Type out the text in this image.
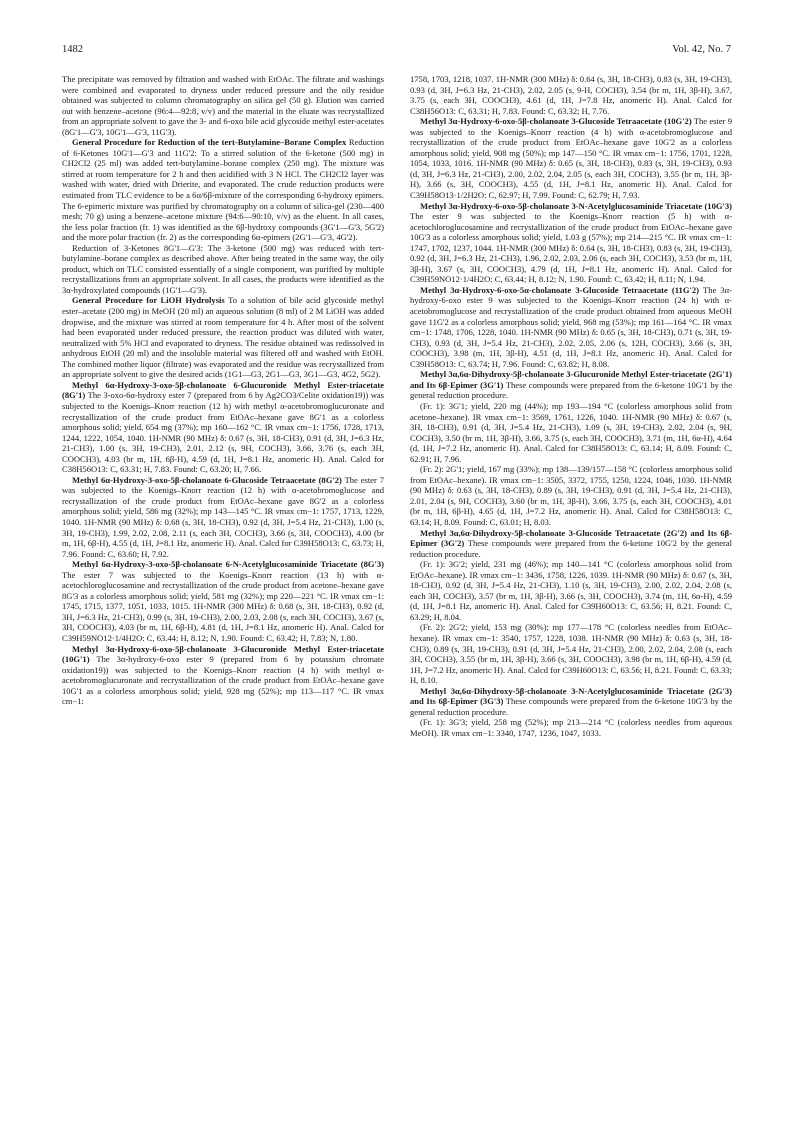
1482	Vol. 42, No. 7

The precipitate was removed by filtration and washed with EtOAc. The filtrate and washings were combined and evaporated to dryness under reduced pressure and the oily residue obtained was subjected to column chromatography on silica gel (50 g). Elution was carried out with benzene–acetone (96:4—92:8, v/v) and the material in the eluate was recrystallized from an appropriate solvent to gave the 3- and 6-oxo bile acid glycoside methyl ester-acetates (8G'1—G'3, 10G'1—G'3, 11G'3).

General Procedure for Reduction of the tert-Butylamine–Borane Complex Reduction of 6-Ketones 10G'1—G'3 and 11G'2: To a stirred solution of the 6-ketone (500 mg) in CH2Cl2 (25 ml) was added tert-butylamine–borane complex (250 mg). The mixture was stirred at room temperature for 2 h and then acidified with 3 N HCl. The CH2Cl2 layer was washed with water, dried with Drierite, and evaporated. The crude reduction products were estimated from TLC evidence to be a 6α/6β-mixture of the corresponding 6-hydroxy epimers. The 6-epimeric mixture was purified by chromatography on a column of silica-gel (230—400 mesh; 70 g) using a benzene–acetone mixture (94:6—90:10, v/v) as the eluent. In all cases, the less polar fraction (fr. 1) was identified as the 6β-hydroxy compounds (3G'1—G'3, 5G'2) and the more polar fraction (fr. 2) as the corresponding 6α-epimers (2G'1—G'3, 4G'2).

Reduction of 3-Ketones 8G'1—G'3: The 3-ketone (500 mg) was reduced with tert-butylamine–borane complex as described above. After being treated in the same way, the oily product, which on TLC consisted essentially of a single component, was purified by multiple recrystallizations from an appropriate solvent. In all cases, the products were identified as the 3α-hydroxylated compounds (1G'1—G'3).

General Procedure for LiOH Hydrolysis To a solution of bile acid glycoside methyl ester–acetate (200 mg) in MeOH (20 ml) an aqueous solution (8 ml) of 2 M LiOH was added dropwise, and the mixture was stirred at room temperature for 4 h. After most of the solvent had been evaporated under reduced pressure, the reaction product was diluted with water, neutralized with 5% HCl and evaporated to dryness. The residue obtained was redissolved in anhydrous EtOH (20 ml) and the insoluble material was filtered off and washed with EtOH. The combined mother liquor (filtrate) was evaporated and the residue was recrystallized from an appropriate solvent to give the desired acids (1G1—G3, 2G1—G3, 3G1—G3, 4G2, 5G2).

Methyl 6α-Hydroxy-3-oxo-5β-cholanoate 6-Glucuronide Methyl Ester-triacetate (8G'1) The 3-oxo-6α-hydroxy ester 7 (prepared from 6 by Ag2CO3/Celite oxidation19)) was subjected to the Koenigs–Knorr reaction (12 h) with methyl α-acetobromoglucuronate and recrystallization of the crude product from EtOAc–hexane gave 8G'1 as a colorless amorphous solid; yield, 654 mg (37%); mp 160—162 °C. IR νmax cm−1: 1756, 1728, 1713, 1244, 1222, 1054, 1040. 1H-NMR (90 MHz) δ: 0.67 (s, 3H, 18-CH3), 0.91 (d, 3H, J=6.3 Hz, 21-CH3), 1.00 (s, 3H, 19-CH3), 2.01, 2.12 (s, 9H, COCH3), 3.66, 3.76 (s, each 3H, COOCH3), 4.03 (br m, 1H, 6β-H), 4.59 (d, 1H, J=8.1 Hz, anomeric H). Anal. Calcd for C38H56O13: C, 63.31; H, 7.83. Found: C, 63.20; H, 7.66.

Methyl 6α-Hydroxy-3-oxo-5β-cholanoate 6-Glucoside Tetraacetate (8G'2) The ester 7 was subjected to the Koenigs–Knorr reaction (12 h) with α-acetobromoglucose and recrystallization of the crude product from EtOAc–hexane gave 8G'2 as a colorless amorphous solid; yield, 586 mg (32%); mp 143—145 °C. IR νmax cm−1: 1757, 1713, 1229, 1040. 1H-NMR (90 MHz) δ: 0.68 (s, 3H, 18-CH3), 0.92 (d, 3H, J=5.4 Hz, 21-CH3), 1.00 (s, 3H, 19-CH3), 1.99, 2.02, 2.08, 2.11 (s, each 3H, COCH3), 3.66 (s, 3H, COOCH3), 4.00 (br m, 1H, 6β-H), 4.55 (d, 1H, J=8.1 Hz, anomeric H). Anal. Calcd for C39H58O13: C, 63.73; H, 7.96. Found: C, 63.60; H, 7.92.

Methyl 6α-Hydroxy-3-oxo-5β-cholanoate 6-N-Acetylglucosaminide Triacetate (8G'3) The ester 7 was subjected to the Koenigs–Knorr reaction (13 h) with α-acetochloroglucosamine and recrystallization of the crude product from acetone–hexane gave 8G'3 as a colorless amorphous solid; yield, 581 mg (32%); mp 220—221 °C. IR νmax cm−1: 1745, 1715, 1377, 1051, 1033, 1015. 1H-NMR (300 MHz) δ: 0.68 (s, 3H, 18-CH3), 0.92 (d, 3H, J=6.3 Hz, 21-CH3), 0.99 (s, 3H, 19-CH3), 2.00, 2.03, 2.08 (s, each 3H, COCH3), 3.67 (s, 3H, COOCH3), 4.03 (br m, 1H, 6β-H), 4.81 (d, 1H, J=8.1 Hz, anomeric H). Anal. Calcd for C39H59NO12·1/4H2O: C, 63.44; H, 8.12; N, 1.90. Found: C, 63.42; H, 7.83; N, 1.80.

Methyl 3α-Hydroxy-6-oxo-5β-cholanoate 3-Glucuronide Methyl Ester-triacetate (10G'1) The 3α-hydroxy-6-oxo ester 9 (prepared from 6 by potassium chromate oxidation19)) was subjected to the Koenigs–Knorr reaction (4 h) with methyl α-acetobromoglucuronate and recrystallization of the crude product from EtOAc–hexane gave 10G'1 as a colorless amorphous solid; yield, 928 mg (52%); mp 113—117 °C. IR νmax cm−1:

1758, 1703, 1218, 1037. 1H-NMR (300 MHz) δ: 0.64 (s, 3H, 18-CH3), 0.83 (s, 3H, 19-CH3), 0.93 (d, 3H, J=6.3 Hz, 21-CH3), 2.02, 2.05 (s, 9-H, COCH3), 3.54 (br m, 1H, 3β-H), 3.67, 3.75 (s, each 3H, COOCH3), 4.61 (d, 1H, J=7.8 Hz, anomeric H). Anal. Calcd for C38H56O13: C, 63.31; H, 7.83. Found: C, 63.32; H, 7.76.

Methyl 3α-Hydroxy-6-oxo-5β-cholanoate 3-Glucoside Tetraacetate (10G'2) The ester 9 was subjected to the Koenigs–Knorr reaction (4 h) with α-acetobromoglucose and recrystallization of the crude product from EtOAc–hexane gave 10G'2 as a colorless amorphous solid; yield, 908 mg (50%); mp 147—150 °C. IR νmax cm−1: 1756, 1701, 1228, 1054, 1033, 1016. 1H-NMR (90 MHz) δ: 0.65 (s, 3H, 18-CH3), 0.83 (s, 3H, 19-CH3), 0.93 (d, 3H, J=6.3 Hz, 21-CH3), 2.00, 2.02, 2.04, 2.05 (s, each 3H, COCH3), 3.55 (br m, 1H, 3β-H), 3.66 (s, 3H, COOCH3), 4.55 (d, 1H, J=8.1 Hz, anomeric H). Anal. Calcd for C39H58O13·1/2H2O: C, 62.97; H, 7.99. Found: C, 62.79; H, 7.93.

Methyl 3α-Hydroxy-6-oxo-5β-cholanoate 3-N-Acetylglucosaminide Triacetate (10G'3) The ester 9 was subjected to the Koenigs–Knorr reaction (5 h) with α-acetochloroglucosamine and recrystallization of the crude product from EtOAc–hexane gave 10G'3 as a colorless amorphous solid; yield, 1.03 g (57%); mp 214—215 °C. IR νmax cm−1: 1747, 1702, 1237, 1044. 1H-NMR (300 MHz) δ: 0.64 (s, 3H, 18-CH3), 0.83 (s, 3H, 19-CH3), 0.92 (d, 3H, J=6.3 Hz, 21-CH3), 1.96, 2.02, 2.03, 2.06 (s, each 3H, COCH3), 3.53 (br m, 1H, 3β-H), 3.67 (s, 3H, COOCH3), 4.79 (d, 1H, J=8.1 Hz, anomeric H). Anal. Calcd for C39H59NO12·1/4H2O: C, 63.44; H, 8.12; N, 1.90. Found: C, 63.42; H, 8.11; N, 1.94.

Methyl 3α-Hydroxy-6-oxo-5α-cholanoate 3-Glucoside Tetraacetate (11G'2) The 3α-hydroxy-6-oxo ester 9 was subjected to the Koenigs–Knorr reaction (24 h) with α-acetobromoglucose and recrystallization of the crude product obtained from aqueous MeOH gave 11G'2 as a colorless amorphous solid; yield, 968 mg (53%); mp 161—164 °C. IR νmax cm−1: 1748, 1706, 1228, 1040. 1H-NMR (90 MHz) δ: 0.65 (s, 3H, 18-CH3), 0.71 (s, 3H, 19-CH3), 0.93 (d, 3H, J=5.4 Hz, 21-CH3), 2.02, 2.05, 2.06 (s, 12H, COCH3), 3.66 (s, 3H, COOCH3), 3.98 (m, 1H, 3β-H), 4.51 (d, 1H, J=8.1 Hz, anomeric H). Anal. Calcd for C39H58O13: C, 63.74; H, 7.96. Found: C, 63.82; H, 8.08.

Methyl 3α,6α-Dihydroxy-5β-cholanoate 3-Glucuronide Methyl Ester-triacetate (2G'1) and Its 6β-Epimer (3G'1) These compounds were prepared from the 6-ketone 10G'1 by the general reduction procedure.

(Fr. 1): 3G'1; yield, 220 mg (44%); mp 193—194 °C (colorless amorphous solid from acetone–hexane). IR νmax cm−1: 3569, 1761, 1226, 1040. 1H-NMR (90 MHz) δ: 0.67 (s, 3H, 18-CH3), 0.91 (d, 3H, J=5.4 Hz, 21-CH3), 1.09 (s, 3H, 19-CH3), 2.02, 2.04 (s, 9H, COCH3), 3.50 (br m, 1H, 3β-H), 3.66, 3.75 (s, each 3H, COOCH3), 3.71 (m, 1H, 6α-H), 4.64 (d, 1H, J=7.2 Hz, anomeric H). Anal. Calcd for C38H58O13: C, 63.14; H, 8.09. Found: C, 62.91; H, 7.96.

(Fr. 2): 2G'1; yield, 167 mg (33%); mp 138—139/157—158 °C (colorless amorphous solid from EtOAc–hexane). IR νmax cm−1: 3505, 3372, 1755, 1250, 1224, 1046, 1030. 1H-NMR (90 MHz) δ: 0.63 (s, 3H, 18-CH3), 0.89 (s, 3H, 19-CH3), 0.91 (d, 3H, J=5.4 Hz, 21-CH3), 2.01, 2.04 (s, 9H, COCH3), 3.60 (br m, 1H, 3β-H), 3.66, 3.75 (s, each 3H, COOCH3), 4.01 (br m, 1H, 6β-H), 4.65 (d, 1H, J=7.2 Hz, anomeric H). Anal. Calcd for C38H58O13: C, 63.14; H, 8.09. Found: C, 63.01; H, 8.03.

Methyl 3α,6α-Dihydroxy-5β-cholanoate 3-Glucoside Tetraacetate (2G'2) and Its 6β-Epimer (3G'2) These compounds were prepared from the 6-ketone 10G'2 by the general reduction procedure.

(Fr. 1): 3G'2; yield, 231 mg (46%); mp 140—141 °C (colorless amorphous solid from EtOAc–hexane). IR νmax cm−1: 3436, 1758, 1226, 1039. 1H-NMR (90 MHz) δ: 0.67 (s, 3H, 18-CH3), 0.92 (d, 3H, J=5.4 Hz, 21-CH3), 1.10 (s, 3H, 19-CH3), 2.00, 2.02, 2.04, 2.08 (s, each 3H, COCH3), 3.57 (br m, 1H, 3β-H), 3.66 (s, 3H, COOCH3), 3.74 (m, 1H, 6α-H), 4.59 (d, 1H, J=8.1 Hz, anomeric H). Anal. Calcd for C39H60O13: C, 63.56; H, 8.21. Found: C, 63.29; H, 8.04.

(Fr. 2): 2G'2; yield, 153 mg (30%); mp 177—178 °C (colorless needles from EtOAc–hexane). IR νmax cm−1: 3540, 1757, 1228, 1038. 1H-NMR (90 MHz) δ: 0.63 (s, 3H, 18-CH3), 0.89 (s, 3H, 19-CH3), 0.91 (d, 3H, J=5.4 Hz, 21-CH3), 2.00, 2.02, 2.04, 2.08 (s, each 3H, COCH3), 3.55 (br m, 1H, 3β-H), 3.66 (s, 3H, COOCH3), 3.98 (br m, 1H, 6β-H), 4.59 (d, 1H, J=7.2 Hz, anomeric H). Anal. Calcd for C39H60O13: C, 63.56; H, 8.21. Found: C, 63.33; H, 8.10.

Methyl 3α,6α-Dihydroxy-5β-cholanoate 3-N-Acetylglucosaminide Triacetate (2G'3) and Its 6β-Epimer (3G'3) These compounds were prepared from the 6-ketone 10G'3 by the general reduction procedure.

(Fr. 1): 3G'3; yield, 258 mg (52%); mp 213—214 °C (colorless needles from aqueous MeOH). IR νmax cm−1: 3340, 1747, 1236, 1047, 1033.
